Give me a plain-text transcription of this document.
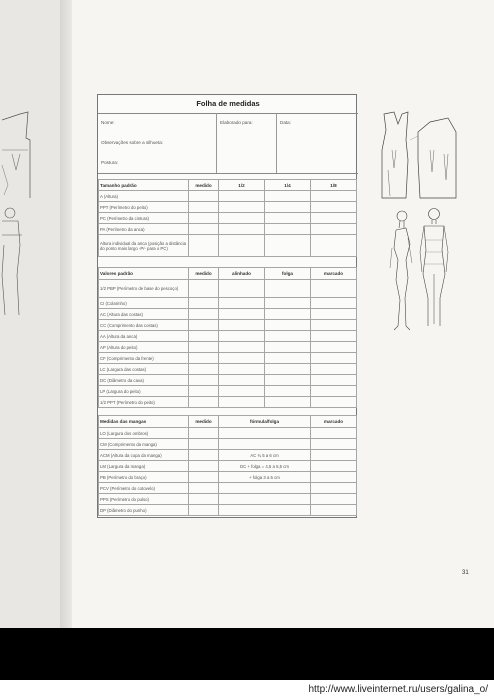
Folha de medidas
Nome:	Elaborado para:	Data:
Observações sobre a silhueta:
Postura:
Tamanho padrão	medido	1/2	1/4	1/8
A (Altura)				
PPT (Perímetro do peito)				
PC (Perímetro da cintura)				
PA (Perímetro da anca)				
Altura individual da anca (posição a distância do ponto mais largo -P/- para o PC)				
Valores padrão	medido	alinhado	folga	marcado
1/2 PBP (Perímetro de base do pescoço)				
CI (Colarinho)				
AC (Altura das costas)				
CC (Comprimento das costas)				
AA (Altura da anca)				
AP (Altura do peito)				
CF (Comprimento da frente)				
LC (Largura das costas)				
DC (Diâmetro da cava)				
LP (Largura do peito)				
1/2 PPT (Perímetro do peito)				
Medidas das mangas	medido	fórmula/folga	marcado
LO (Largura dos ombros)			
CM (Comprimento da manga)			
ACM (Altura da copa da manga)		AC ¾ 5 a 6 cm	
LM (Largura da manga)		DC + folga = 4,5 a 5,5 cm	
PB (Perímetro do braço)		+ folga 3 a 5 cm	
PCV (Perímetro do cotovelo)			
PPS (Perímetro do pulso)			
DP (Diâmetro do punho)			
31
http://www.liveinternet.ru/users/galina_o/
